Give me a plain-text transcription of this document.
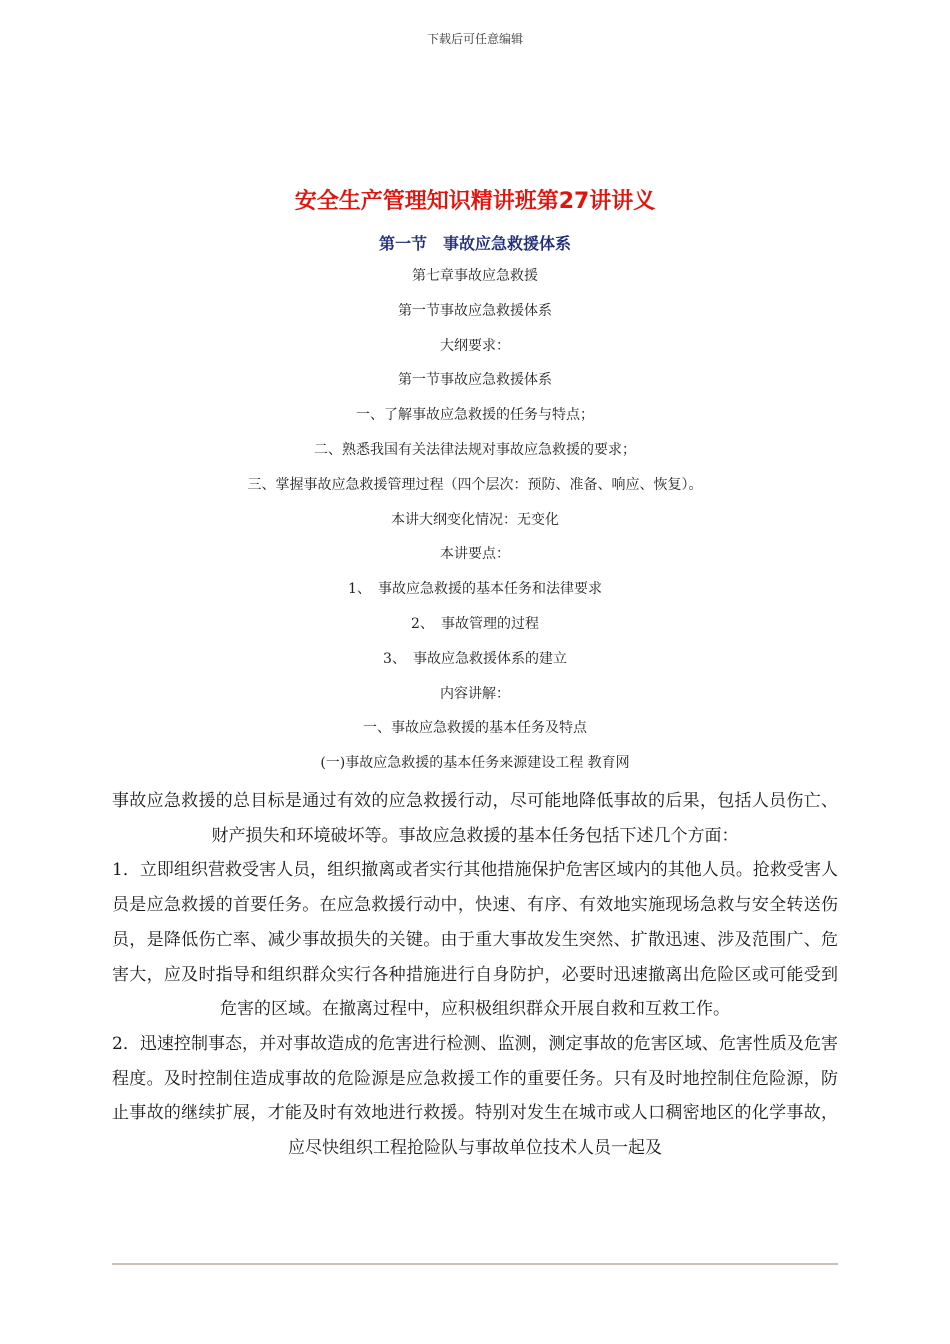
下载后可任意编辑
安全生产管理知识精讲班第27讲讲义
第一节　事故应急救援体系
第七章事故应急救援
第一节事故应急救援体系
大纲要求：
第一节事故应急救援体系
一、了解事故应急救援的任务与特点；
二、熟悉我国有关法律法规对事故应急救援的要求；
三、掌握事故应急救援管理过程（四个层次：预防、准备、响应、恢复）。
本讲大纲变化情况：无变化
本讲要点：
1、　事故应急救援的基本任务和法律要求
2、　事故管理的过程
3、　事故应急救援体系的建立
内容讲解：
一、事故应急救援的基本任务及特点
(一)事故应急救援的基本任务来源建设工程 教育网

事故应急救援的总目标是通过有效的应急救援行动，尽可能地降低事故的后果，包括人员伤亡、财产损失和环境破坏等。事故应急救援的基本任务包括下述几个方面：

1．立即组织营救受害人员，组织撤离或者实行其他措施保护危害区域内的其他人员。抢救受害人员是应急救援的首要任务。在应急救援行动中，快速、有序、有效地实施现场急救与安全转送伤员，是降低伤亡率、减少事故损失的关键。由于重大事故发生突然、扩散迅速、涉及范围广、危害大，应及时指导和组织群众实行各种措施进行自身防护，必要时迅速撤离出危险区或可能受到危害的区域。在撤离过程中，应积极组织群众开展自救和互救工作。

2．迅速控制事态，并对事故造成的危害进行检测、监测，测定事故的危害区域、危害性质及危害程度。及时控制住造成事故的危险源是应急救援工作的重要任务。只有及时地控制住危险源，防止事故的继续扩展，才能及时有效地进行救援。特别对发生在城市或人口稠密地区的化学事故，应尽快组织工程抢险队与事故单位技术人员一起及
